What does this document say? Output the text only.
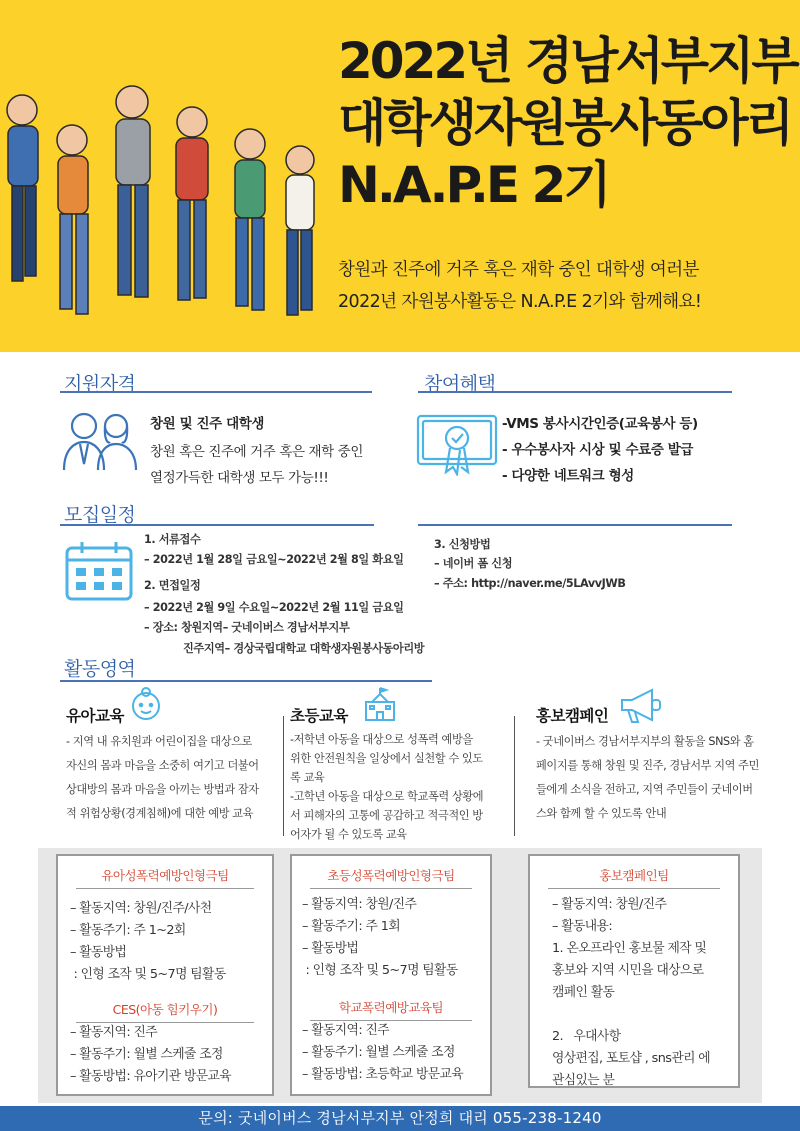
2022년 경남서부지부
대학생자원봉사동아리
N.A.P.E 2기
창원과 진주에 거주 혹은 재학 중인 대학생 여러분
2022년 자원봉사활동은 N.A.P.E 2기와 함께해요!
지원자격
창원 및 진주 대학생
창원 혹은 진주에 거주 혹은 재학 중인
열정가득한 대학생 모두 가능!!!
참여혜택
-VMS 봉사시간인증(교육봉사 등)
- 우수봉사자 시상 및 수료증 발급
- 다양한 네트워크 형성
모집일정
1. 서류접수
– 2022년 1월 28일 금요일~2022년 2월 8일 화요일
2. 면접일정
– 2022년 2월 9일 수요일~2022년 2월 11일 금요일
– 장소: 창원지역– 굿네이버스 경남서부지부
진주지역– 경상국립대학교 대학생자원봉사동아리방
3. 신청방법
– 네이버 폼 신청
– 주소: http://naver.me/5LAvvJWB
활동영역
유아교육
- 지역 내 유치원과 어린이집을 대상으로
자신의 몸과 마음을 소중히 여기고 더불어
상대방의 몸과 마음을 아끼는 방법과 잠자
적 위험상황(경계침해)에 대한 예방 교육
초등교육
-저학년 아동을 대상으로 성폭력 예방을
위한 안전원칙을 일상에서 실천할 수 있도
록 교육
-고학년 아동을 대상으로 학교폭력 상황에
서 피해자의 고통에 공감하고 적극적인 방
어자가 될 수 있도록 교육
홍보캠페인
- 굿네이버스 경남서부지부의 활동을 SNS와 홈
페이지를 통해 창원 및 진주, 경남서부 지역 주민
들에게 소식을 전하고, 지역 주민들이 굿네이버
스와 함께 할 수 있도록 안내
유아성폭력예방인형극팀
– 활동지역: 창원/진주/사천
– 활동주기: 주 1~2회
– 활동방법
: 인형 조작 및 5~7명 팀활동
CES(아동 힘키우기)
– 활동지역: 진주
– 활동주기: 월별 스케줄 조정
– 활동방법: 유아기관 방문교육
초등성폭력예방인형극팀
– 활동지역: 창원/진주
– 활동주기: 주 1회
– 활동방법
: 인형 조작 및 5~7명 팀활동
학교폭력예방교육팀
– 활동지역: 진주
– 활동주기: 월별 스케줄 조정
– 활동방법: 초등학교 방문교육
홍보캠페인팀
– 활동지역: 창원/진주
– 활동내용:
1. 온오프라인 홍보물 제작 및
홍보와 지역 시민을 대상으로
캠페인 활동

2.   우대사항
영상편집, 포토샵 , sns관리 에
관심있는 분
문의: 굿네이버스 경남서부지부 안정희 대리 055-238-1240
